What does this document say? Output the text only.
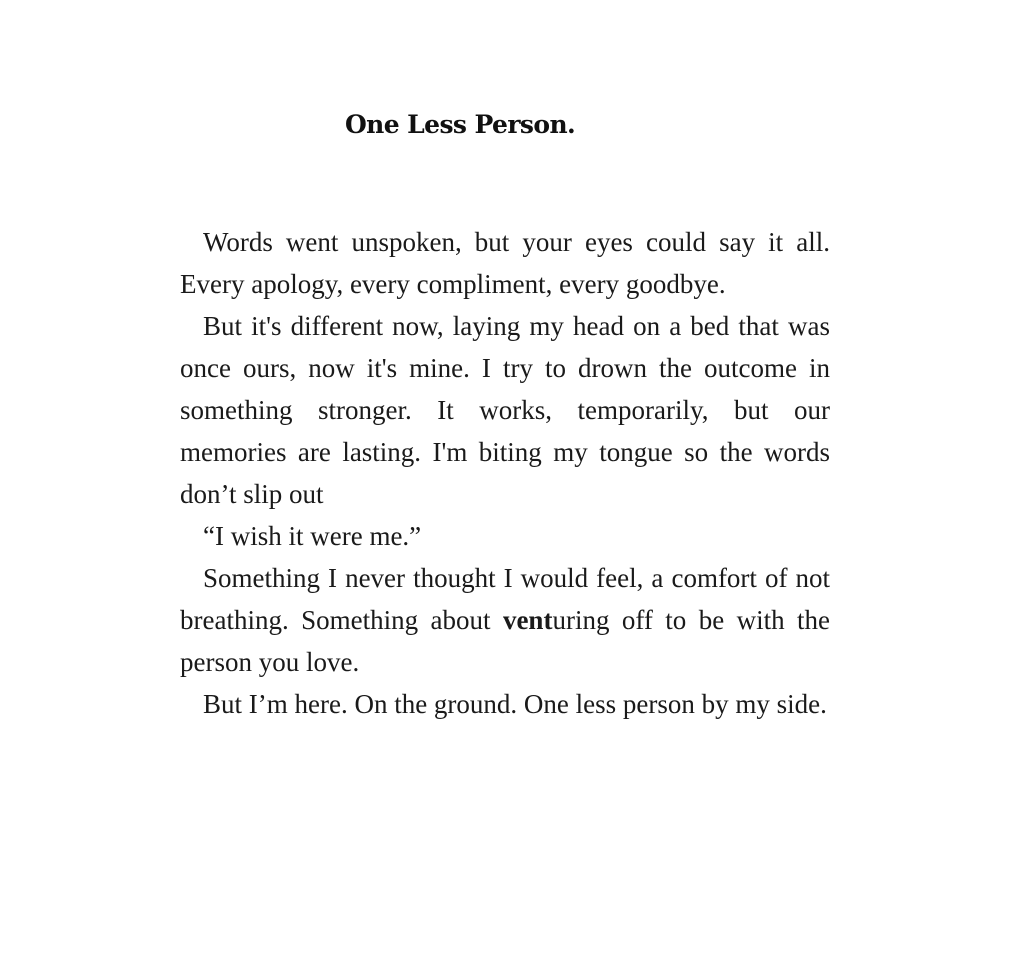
One Less Person.

Words went unspoken, but your eyes could say it all. Every apology, every compliment, every goodbye.

But it's different now, laying my head on a bed that was once ours, now it's mine. I try to drown the outcome in something stronger. It works, temporarily, but our memories are lasting. I'm biting my tongue so the words don’t slip out

“I wish it were me.”

Something I never thought I would feel, a comfort of not breathing. Something about venturing off to be with the person you love.

But I’m here. On the ground. One less person by my side.
